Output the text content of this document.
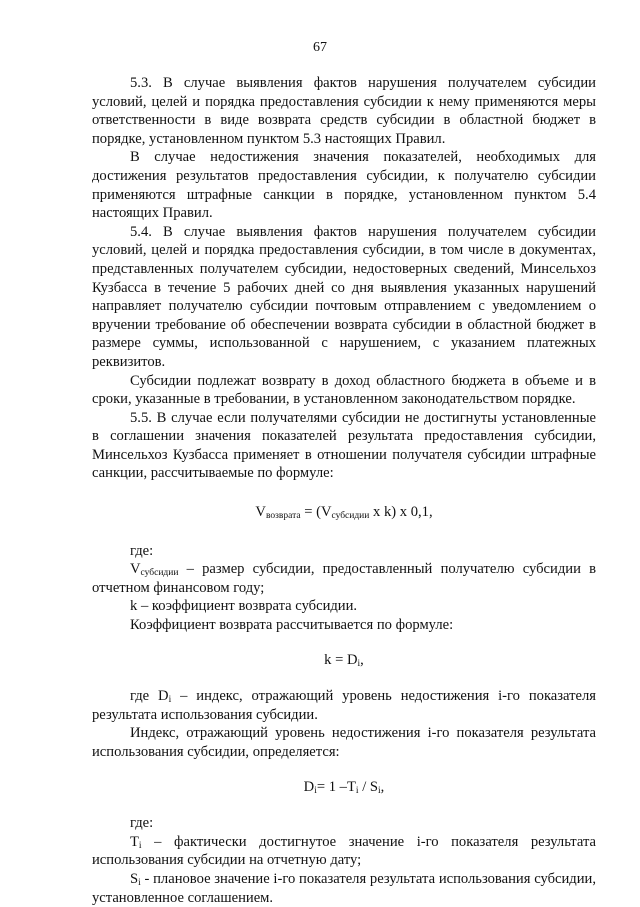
67

5.3. В случае выявления фактов нарушения получателем субсидии условий, целей и порядка предоставления субсидии к нему применяются меры ответственности в виде возврата средств субсидии в областной бюджет в порядке, установленном пунктом 5.3 настоящих Правил.

В случае недостижения значения показателей, необходимых для достижения результатов предоставления субсидии, к получателю субсидии применяются штрафные санкции в порядке, установленном пунктом 5.4 настоящих Правил.

5.4. В случае выявления фактов нарушения получателем субсидии условий, целей и порядка предоставления субсидии, в том числе в документах, представленных получателем субсидии, недостоверных сведений, Минсельхоз Кузбасса в течение 5 рабочих дней со дня выявления указанных нарушений направляет получателю субсидии почтовым отправлением с уведомлением о вручении требование об обеспечении возврата субсидии в областной бюджет в размере суммы, использованной с нарушением, с указанием платежных реквизитов.

Субсидии подлежат возврату в доход областного бюджета в объеме и в сроки, указанные в требовании, в установленном законодательством порядке.

5.5. В случае если получателями субсидии не достигнуты установленные в соглашении значения показателей результата предоставления субсидии, Минсельхоз Кузбасса применяет в отношении получателя субсидии штрафные санкции, рассчитываемые по формуле:

$V_{возврата} = (V_{субсидии}$ х k) х 0,1,

где:

$V_{субсидии}$ – размер субсидии, предоставленный получателю субсидии в отчетном финансовом году;

k – коэффициент возврата субсидии.

Коэффициент возврата рассчитывается по формуле:

$k = D_i$,

где $D_i$ – индекс, отражающий уровень недостижения i-го показателя результата использования субсидии.

Индекс, отражающий уровень недостижения i-го показателя результата использования субсидии, определяется:

$D_i= 1$ $-T_i / S_i$,

где:

$T_i$ – фактически достигнутое значение i-го показателя результата использования субсидии на отчетную дату;

$S_i$ - плановое значение i-го показателя результата использования субсидии, установленное соглашением.
